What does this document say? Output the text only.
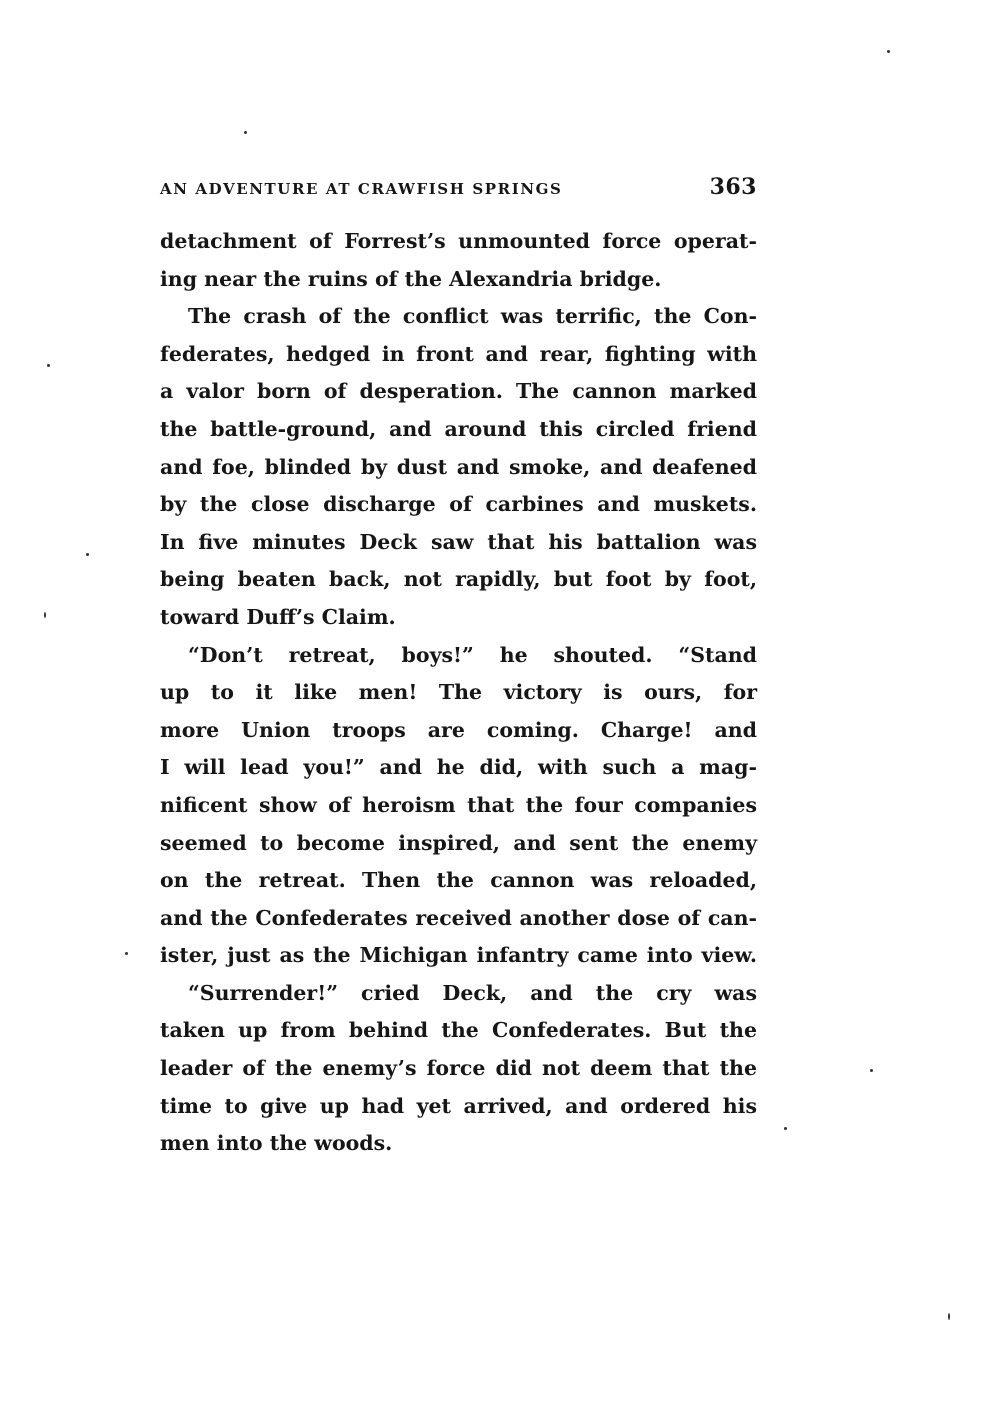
AN ADVENTURE AT CRAWFISH SPRINGS	363
detachment of Forrest’s unmounted force operat-
ing near the ruins of the Alexandria bridge.
The crash of the conflict was terrific, the Con-
federates, hedged in front and rear, fighting with
a valor born of desperation. The cannon marked
the battle-ground, and around this circled friend
and foe, blinded by dust and smoke, and deafened
by the close discharge of carbines and muskets.
In five minutes Deck saw that his battalion was
being beaten back, not rapidly, but foot by foot,
toward Duff’s Claim.
“Don’t retreat, boys!” he shouted. “Stand
up to it like men! The victory is ours, for
more Union troops are coming. Charge! and
I will lead you!” and he did, with such a mag-
nificent show of heroism that the four companies
seemed to become inspired, and sent the enemy
on the retreat. Then the cannon was reloaded,
and the Confederates received another dose of can-
ister, just as the Michigan infantry came into view.
“Surrender!” cried Deck, and the cry was
taken up from behind the Confederates. But the
leader of the enemy’s force did not deem that the
time to give up had yet arrived, and ordered his
men into the woods.
